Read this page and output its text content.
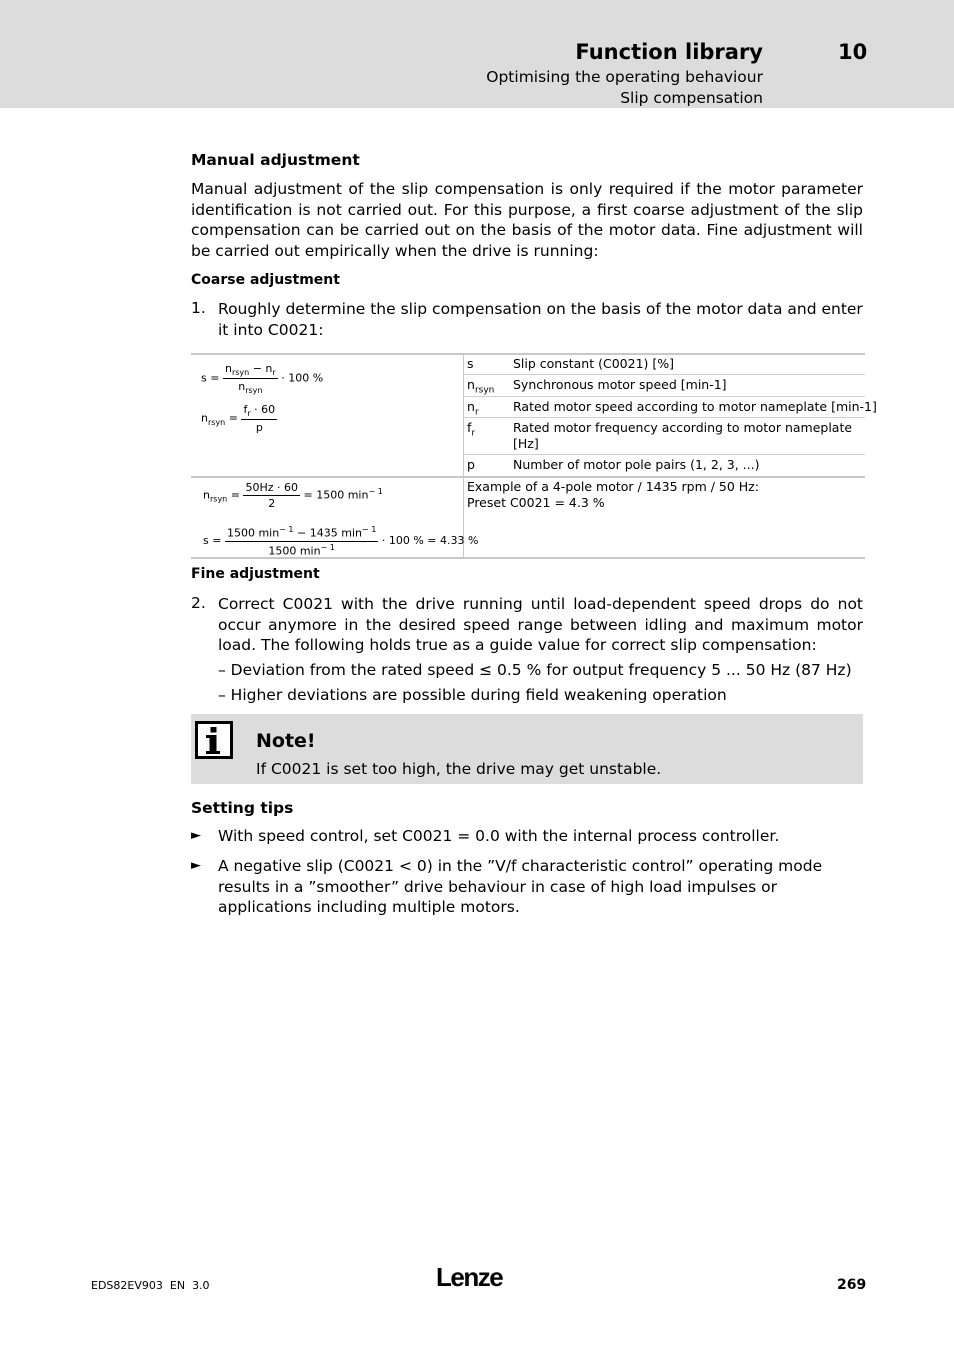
Function library	10
Optimising the operating behaviour
Slip compensation
Manual adjustment
Manual adjustment of the slip compensation is only required if the motor parameter identification is not carried out. For this purpose, a first coarse adjustment of the slip compensation can be carried out on the basis of the motor data. Fine adjustment will be carried out empirically when the drive is running:
Coarse adjustment
1. Roughly determine the slip compensation on the basis of the motor data and enter it into C0021:
$s = \frac{n_{rsyn} - n_r}{n_{rsyn}} \cdot 100$ %
$n_{rsyn} = \frac{f_r \cdot 60}{p}$
s	Slip constant (C0021) [%]
$n_{rsyn}$ Synchronous motor speed [min-1]
$n_r$	Rated motor speed according to motor nameplate [min-1]
$f_r$	Rated motor frequency according to motor nameplate [Hz]
p	Number of motor pole pairs (1, 2, 3, ...)
$n_{rsyn} = \frac{50Hz \cdot 60}{2} = 1500$ $\min^{- 1}$
$s = \frac{1500 \min^{- 1} - 1435 \min^{- 1}}{1500 \min^{- 1}} \cdot 100$ % = 4.33 %
Example of a 4-pole motor / 1435 rpm / 50 Hz:
Preset C0021 = 4.3 %
Fine adjustment
2. Correct C0021 with the drive running until load-dependent speed drops do not occur anymore in the desired speed range between idling and maximum motor load. The following holds true as a guide value for correct slip compensation:
– Deviation from the rated speed ≤ 0.5 % for output frequency 5 ... 50 Hz (87 Hz)
– Higher deviations are possible during field weakening operation
Note!
If C0021 is set too high, the drive may get unstable.
Setting tips
► With speed control, set C0021 = 0.0 with the internal process controller.
► A negative slip (C0021 < 0) in the ”V/f characteristic control” operating mode results in a ”smoother” drive behaviour in case of high load impulses or applications including multiple motors.
EDS82EV903 EN 3.0	Lenze	269
